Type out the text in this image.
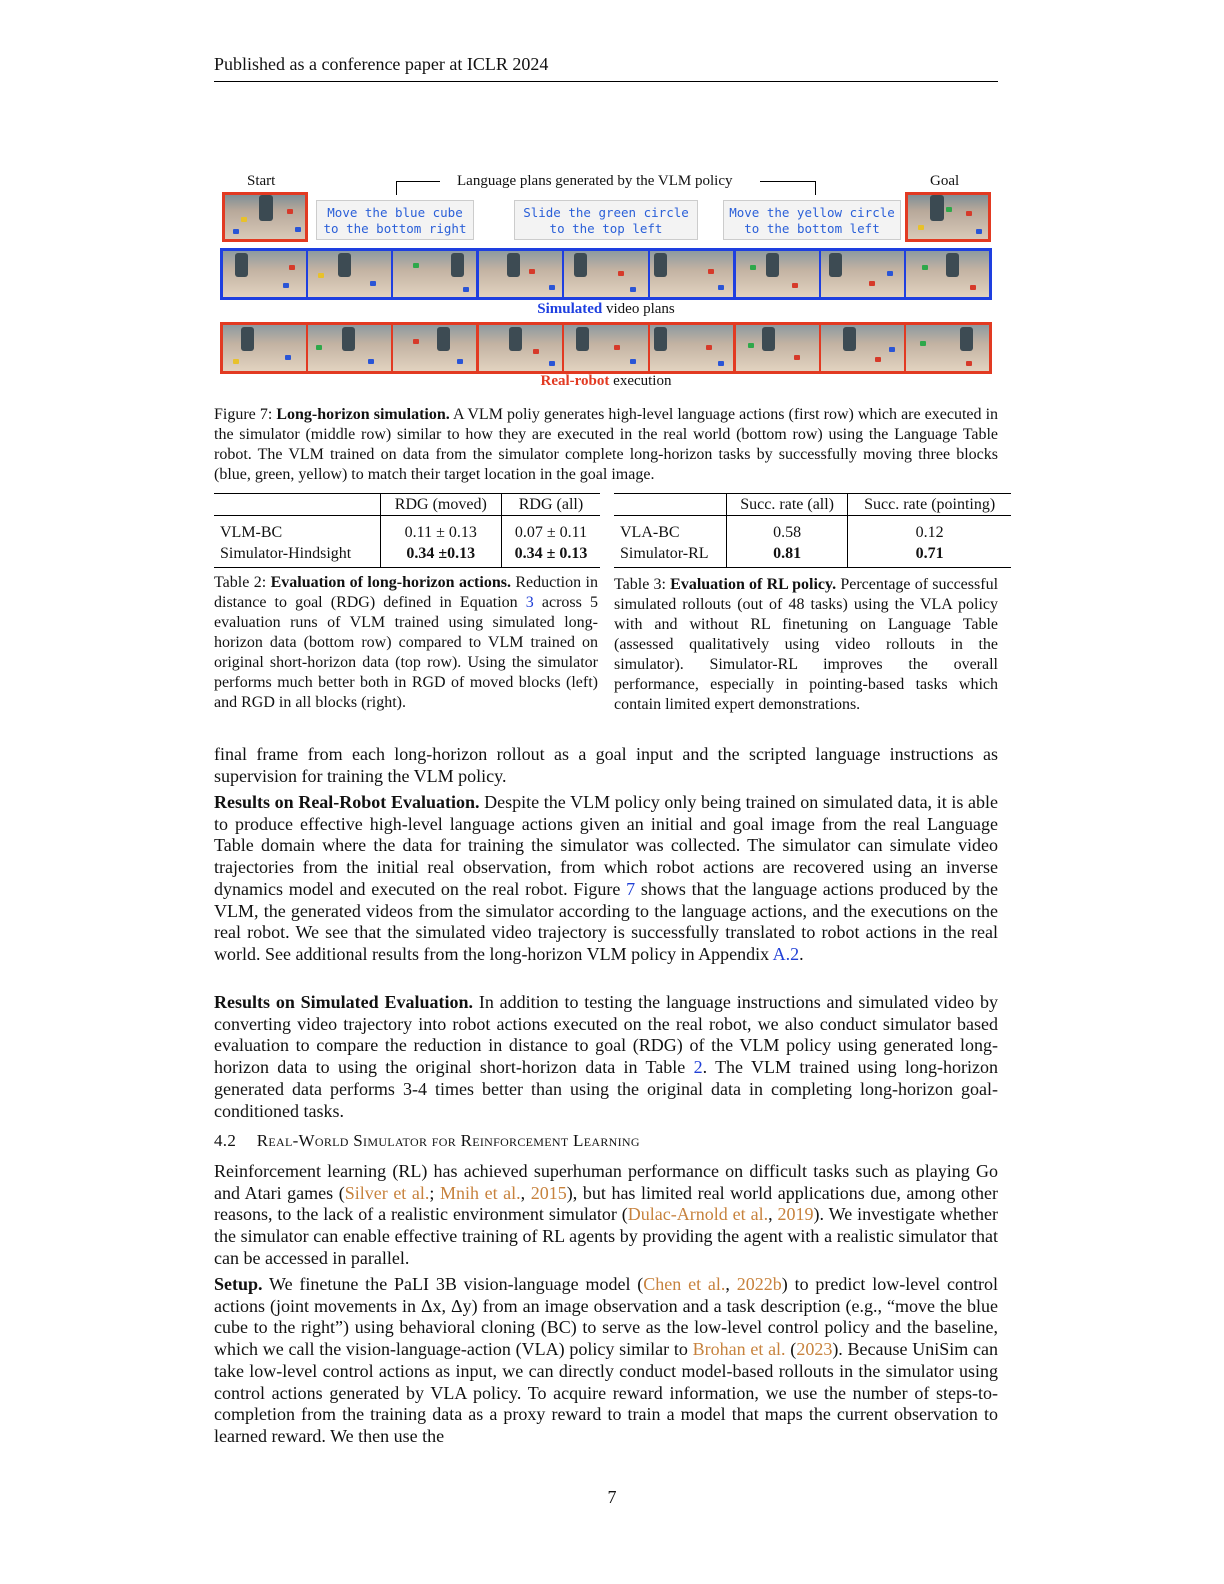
Published as a conference paper at ICLR 2024
Start	Goal
Language plans generated by the VLM policy
Move the blue cube
to the bottom right
Slide the green circle
to the top left
Move the yellow circle
to the bottom left
Simulated video plans
Real-robot execution
Figure 7: Long-horizon simulation. A VLM poliy generates high-level language actions (first row) which are executed in the simulator (middle row) similar to how they are executed in the real world (bottom row) using the Language Table robot. The VLM trained on data from the simulator complete long-horizon tasks by successfully moving three blocks (blue, green, yellow) to match their target location in the goal image.
	RDG (moved)	RDG (all)

VLM-BC	0.11 ± 0.13	0.07 ± 0.11
Simulator-Hindsight	0.34 ±0.13	0.34 ± 0.13
	Succ. rate (all)	Succ. rate (pointing)

VLA-BC	0.58	0.12
Simulator-RL	0.81	0.71
Table 2: Evaluation of long-horizon actions. Reduction in distance to goal (RDG) defined in Equation 3 across 5 evaluation runs of VLM trained using simulated long-horizon data (bottom row) compared to VLM trained on original short-horizon data (top row). Using the simulator performs much better both in RGD of moved blocks (left) and RGD in all blocks (right).
Table 3: Evaluation of RL policy. Percentage of successful simulated rollouts (out of 48 tasks) using the VLA policy with and without RL finetuning on Language Table (assessed qualitatively using video rollouts in the simulator). Simulator-RL improves the overall performance, especially in pointing-based tasks which contain limited expert demonstrations.
final frame from each long-horizon rollout as a goal input and the scripted language instructions as supervision for training the VLM policy.
Results on Real-Robot Evaluation. Despite the VLM policy only being trained on simulated data, it is able to produce effective high-level language actions given an initial and goal image from the real Language Table domain where the data for training the simulator was collected. The simulator can simulate video trajectories from the initial real observation, from which robot actions are recovered using an inverse dynamics model and executed on the real robot. Figure 7 shows that the language actions produced by the VLM, the generated videos from the simulator according to the language actions, and the executions on the real robot. We see that the simulated video trajectory is successfully translated to robot actions in the real world. See additional results from the long-horizon VLM policy in Appendix A.2.
Results on Simulated Evaluation. In addition to testing the language instructions and simulated video by converting video trajectory into robot actions executed on the real robot, we also conduct simulator based evaluation to compare the reduction in distance to goal (RDG) of the VLM policy using generated long-horizon data to using the original short-horizon data in Table 2. The VLM trained using long-horizon generated data performs 3-4 times better than using the original data in completing long-horizon goal-conditioned tasks.
4.2 Real-World Simulator for Reinforcement Learning
Reinforcement learning (RL) has achieved superhuman performance on difficult tasks such as playing Go and Atari games (Silver et al.; Mnih et al., 2015), but has limited real world applications due, among other reasons, to the lack of a realistic environment simulator (Dulac-Arnold et al., 2019). We investigate whether the simulator can enable effective training of RL agents by providing the agent with a realistic simulator that can be accessed in parallel.
Setup. We finetune the PaLI 3B vision-language model (Chen et al., 2022b) to predict low-level control actions (joint movements in Δx, Δy) from an image observation and a task description (e.g., “move the blue cube to the right”) using behavioral cloning (BC) to serve as the low-level control policy and the baseline, which we call the vision-language-action (VLA) policy similar to Brohan et al. (2023). Because UniSim can take low-level control actions as input, we can directly conduct model-based rollouts in the simulator using control actions generated by VLA policy. To acquire reward information, we use the number of steps-to-completion from the training data as a proxy reward to train a model that maps the current observation to learned reward. We then use the
7
